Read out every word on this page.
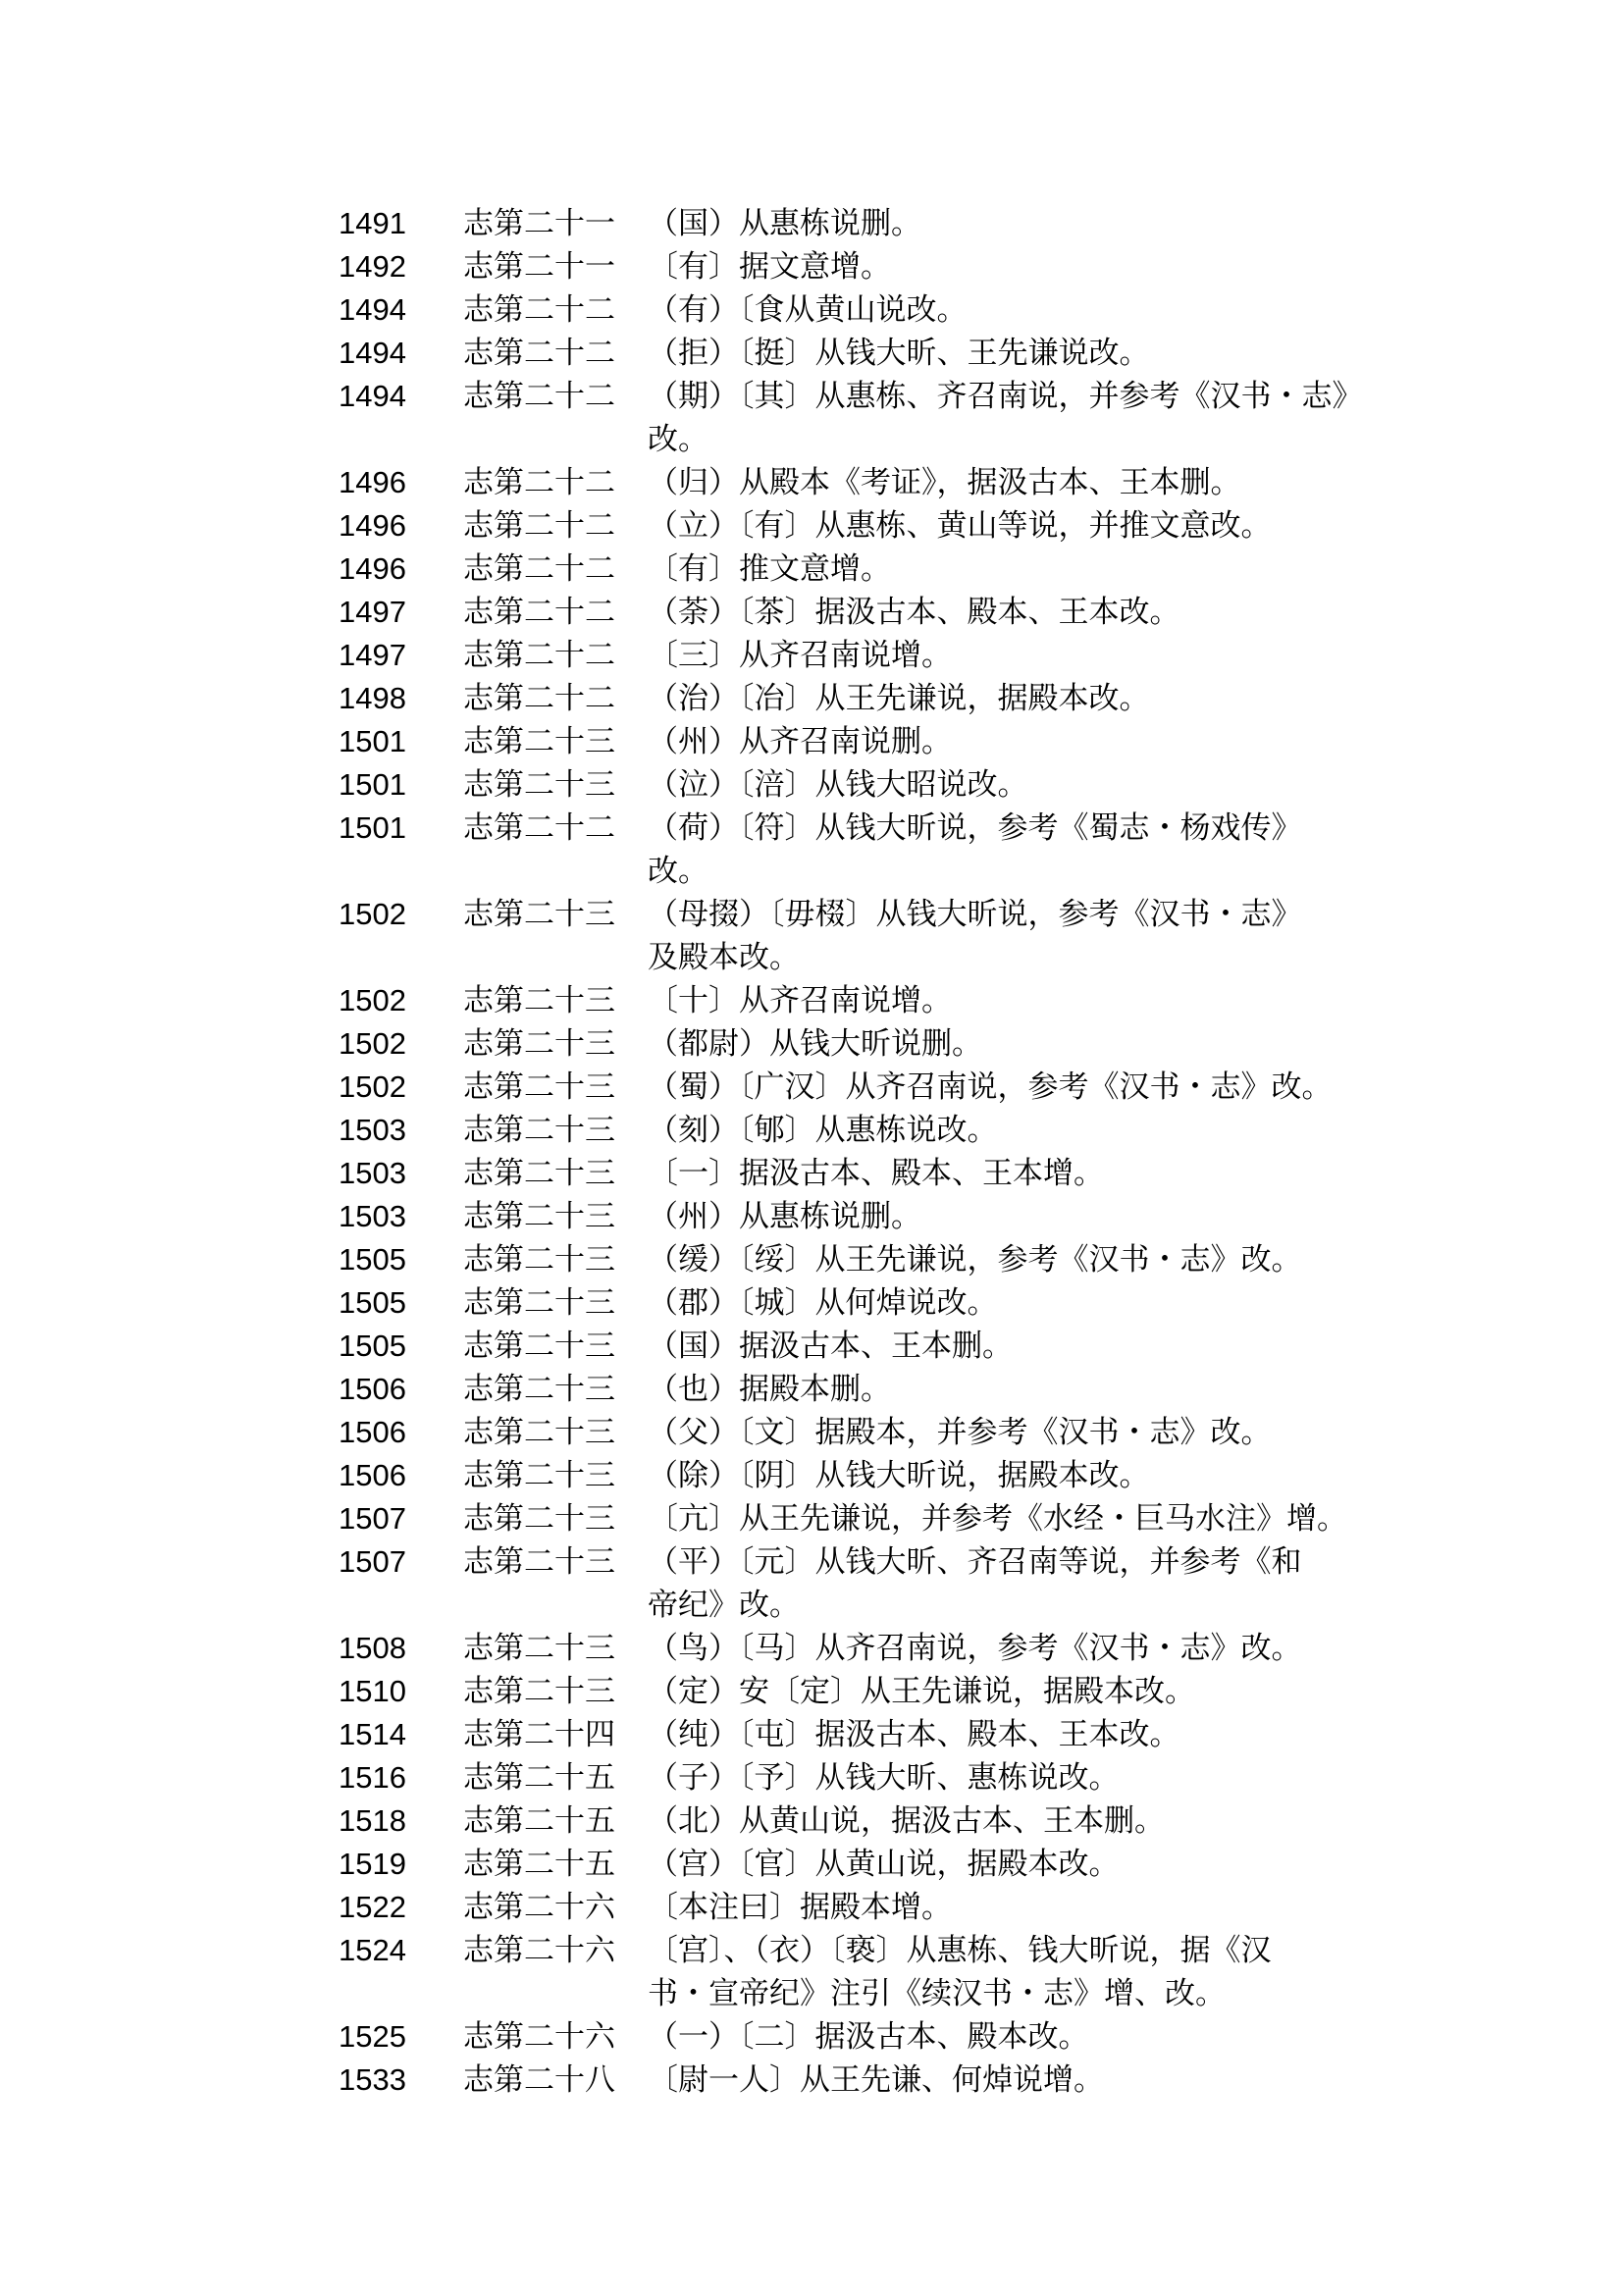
1491	志第二十一	（国）从惠栋说删。
1492	志第二十一	〔有〕据文意增。
1494	志第二十二	（有）〔食从黄山说改。
1494	志第二十二	（拒）〔挺〕从钱大昕、王先谦说改。
1494	志第二十二	（期）〔其〕从惠栋、齐召南说，并参考《汉书・志》
改。
1496	志第二十二	（归）从殿本《考证》，据汲古本、王本删。
1496	志第二十二	（立）〔有〕从惠栋、黄山等说，并推文意改。
1496	志第二十二	〔有〕推文意增。
1497	志第二十二	（荼）〔茶〕据汲古本、殿本、王本改。
1497	志第二十二	〔三〕从齐召南说增。
1498	志第二十二	（治）〔冶〕从王先谦说，据殿本改。
1501	志第二十三	（州）从齐召南说删。
1501	志第二十三	（泣）〔涪〕从钱大昭说改。
1501	志第二十二	（荷）〔符〕从钱大昕说，参考《蜀志・杨戏传》
改。
1502	志第二十三	（母掇）〔毋棳〕从钱大昕说，参考《汉书・志》
及殿本改。
1502	志第二十三	〔十〕从齐召南说增。
1502	志第二十三	（都尉）从钱大昕说删。
1502	志第二十三	（蜀）〔广汉〕从齐召南说，参考《汉书・志》改。
1503	志第二十三	（刻）〔郇〕从惠栋说改。
1503	志第二十三	〔一〕据汲古本、殿本、王本增。
1503	志第二十三	（州）从惠栋说删。
1505	志第二十三	（缓）〔绥〕从王先谦说，参考《汉书・志》改。
1505	志第二十三	（郡）〔城〕从何焯说改。
1505	志第二十三	（国）据汲古本、王本删。
1506	志第二十三	（也）据殿本删。
1506	志第二十三	（父）〔文〕据殿本，并参考《汉书・志》改。
1506	志第二十三	（除）〔阴〕从钱大昕说，据殿本改。
1507	志第二十三	〔亢〕从王先谦说，并参考《水经・巨马水注》增。
1507	志第二十三	（平）〔元〕从钱大昕、齐召南等说，并参考《和
帝纪》改。
1508	志第二十三	（鸟）〔马〕从齐召南说，参考《汉书・志》改。
1510	志第二十三	（定）安〔定〕从王先谦说，据殿本改。
1514	志第二十四	（纯）〔屯〕据汲古本、殿本、王本改。
1516	志第二十五	（子）〔予〕从钱大昕、惠栋说改。
1518	志第二十五	（北）从黄山说，据汲古本、王本删。
1519	志第二十五	（宫）〔官〕从黄山说，据殿本改。
1522	志第二十六	〔本注曰〕据殿本增。
1524	志第二十六	〔宫〕、（衣）〔亵〕从惠栋、钱大昕说，据《汉
书・宣帝纪》注引《续汉书・志》增、改。
1525	志第二十六	（一）〔二〕据汲古本、殿本改。
1533	志第二十八	〔尉一人〕从王先谦、何焯说增。
